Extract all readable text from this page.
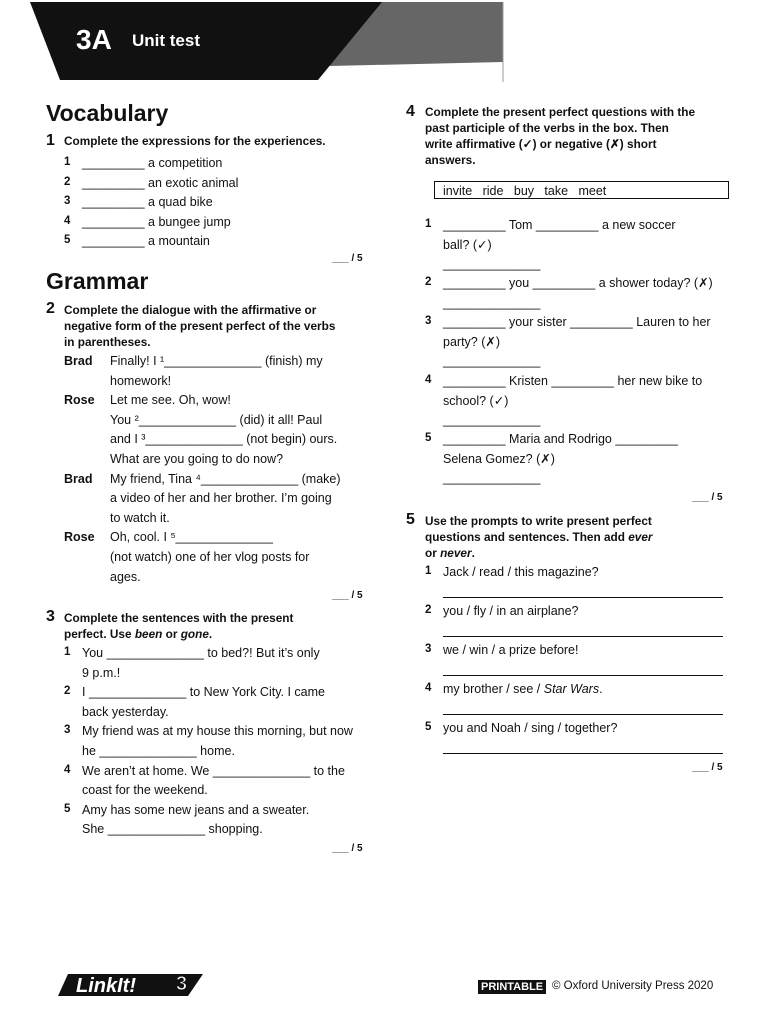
3A Unit test
Vocabulary
1 Complete the expressions for the experiences.
___ / 5
Grammar
2 Complete the dialogue with the affirmative or
negative form of the present perfect of the verbs
in parentheses.
___ / 5
3 Complete the sentences with the present
perfect. Use been or gone.
___ / 5
4 Complete the present perfect questions with the
past participle of the verbs in the box. Then
write affirmative (✓) or negative (✗) short
answers.
invite   ride   buy   take   meet
___ / 5
5 Use the prompts to write present perfect
questions and sentences. Then add ever
or never.
___ / 5
LinkIt! 3	PRINTABLE © Oxford University Press 2020
1 _________ a competition
2 _________ an exotic animal
3 _________ a quad bike
4 _________ a bungee jump
5 _________ a mountain
Brad Finally! I ¹______________ (finish) my
homework!
Rose Let me see. Oh, wow!
You ²______________ (did) it all! Paul
and I ³______________ (not begin) ours.
What are you going to do now?
Brad My friend, Tina ⁴______________ (make)
a video of her and her brother. I’m going
to watch it.
Rose Oh, cool. I ⁵______________
(not watch) one of her vlog posts for
ages.
1 You ______________ to bed?! But it’s only
9 p.m.!
2 I ______________ to New York City. I came
back yesterday.
3 My friend was at my house this morning, but now
he ______________ home.
4 We aren’t at home. We ______________ to the
coast for the weekend.
5 Amy has some new jeans and a sweater.
She ______________ shopping.
1 _________ Tom _________ a new soccer
ball? (✓)
______________
2 _________ you _________ a shower today? (✗)
______________
3 _________ your sister _________ Lauren to her
party? (✗)
______________
4 _________ Kristen _________ her new bike to
school? (✓)
______________
5 _________ Maria and Rodrigo _________
Selena Gomez? (✗)
______________
1 Jack / read / this magazine?
2 you / fly / in an airplane?
3 we / win / a prize before!
4 my brother / see / Star Wars.
5 you and Noah / sing / together?
